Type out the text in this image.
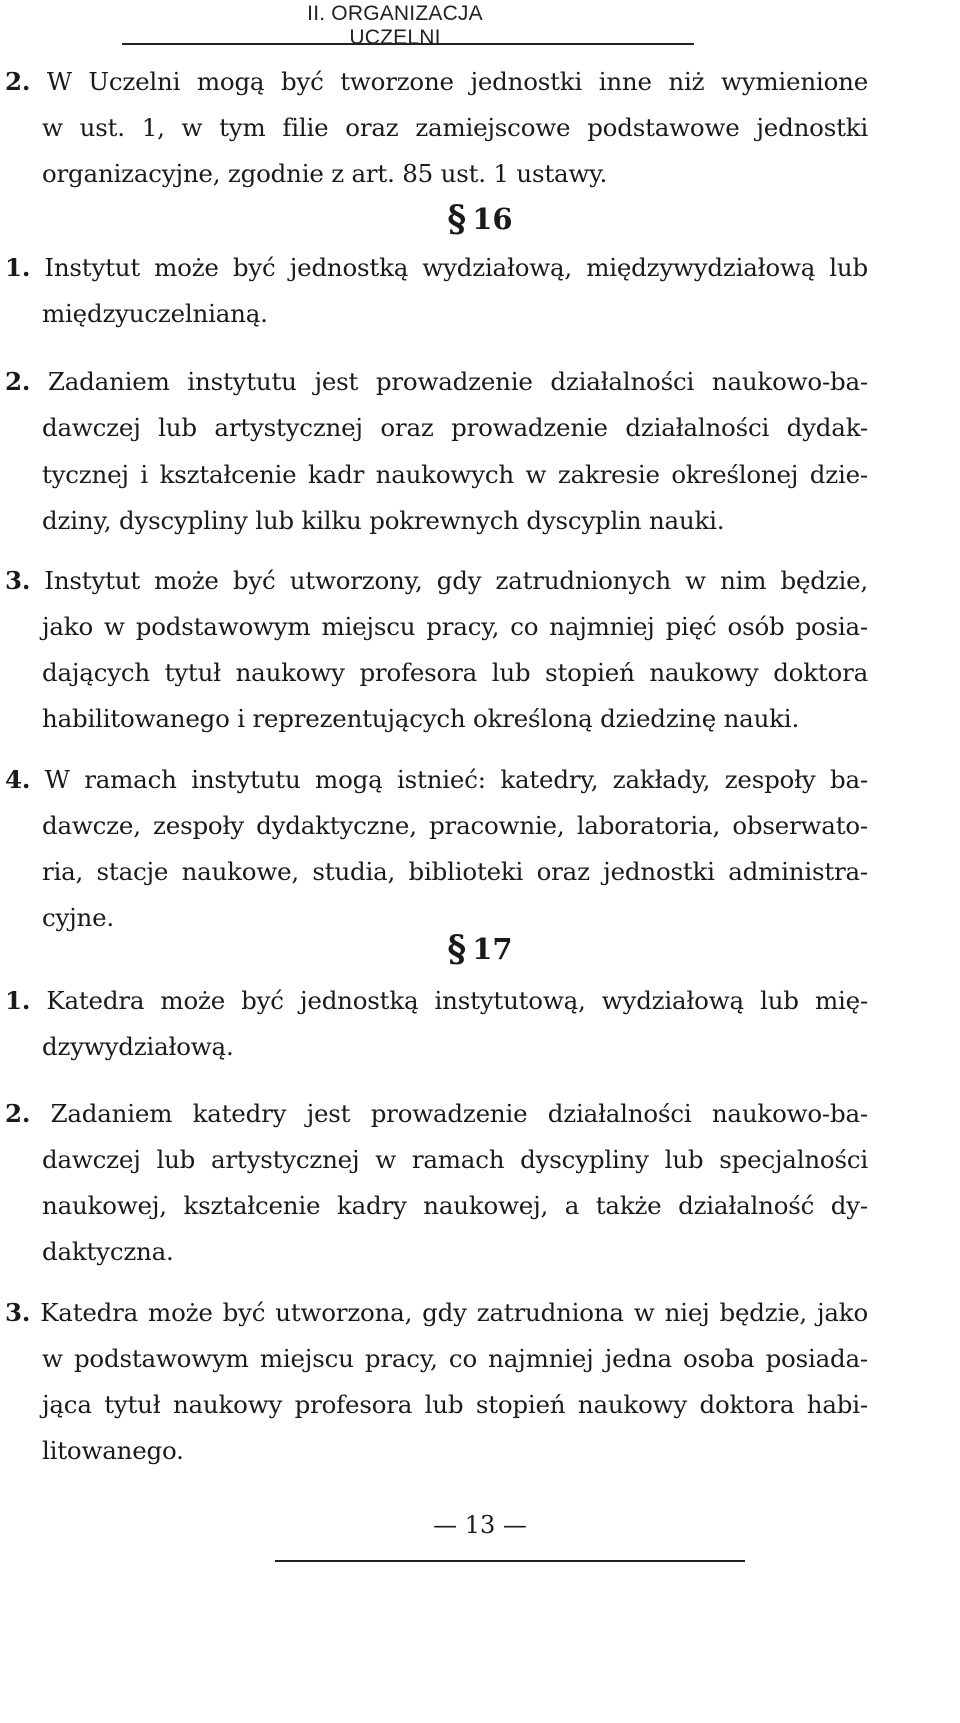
II. ORGANIZACJA UCZELNI
2. W Uczelni mogą być tworzone jednostki inne niż wymienione
w ust. 1, w tym filie oraz zamiejscowe podstawowe jednostki
organizacyjne, zgodnie z art. 85 ust. 1 ustawy.
§ 16
1. Instytut może być jednostką wydziałową, międzywydziałową lub
międzyuczelnianą.
2. Zadaniem instytutu jest prowadzenie działalności naukowo-ba-
dawczej lub artystycznej oraz prowadzenie działalności dydak-
tycznej i kształcenie kadr naukowych w zakresie określonej dzie-
dziny, dyscypliny lub kilku pokrewnych dyscyplin nauki.
3. Instytut może być utworzony, gdy zatrudnionych w nim będzie,
jako w podstawowym miejscu pracy, co najmniej pięć osób posia-
dających tytuł naukowy profesora lub stopień naukowy doktora
habilitowanego i reprezentujących określoną dziedzinę nauki.
4. W ramach instytutu mogą istnieć: katedry, zakłady, zespoły ba-
dawcze, zespoły dydaktyczne, pracownie, laboratoria, obserwato-
ria, stacje naukowe, studia, biblioteki oraz jednostki administra-
cyjne.
§ 17
1. Katedra może być jednostką instytutową, wydziałową lub mię-
dzywydziałową.
2. Zadaniem katedry jest prowadzenie działalności naukowo-ba-
dawczej lub artystycznej w ramach dyscypliny lub specjalności
naukowej, kształcenie kadry naukowej, a także działalność dy-
daktyczna.
3. Katedra może być utworzona, gdy zatrudniona w niej będzie, jako
w podstawowym miejscu pracy, co najmniej jedna osoba posiada-
jąca tytuł naukowy profesora lub stopień naukowy doktora habi-
litowanego.
— 13 —
